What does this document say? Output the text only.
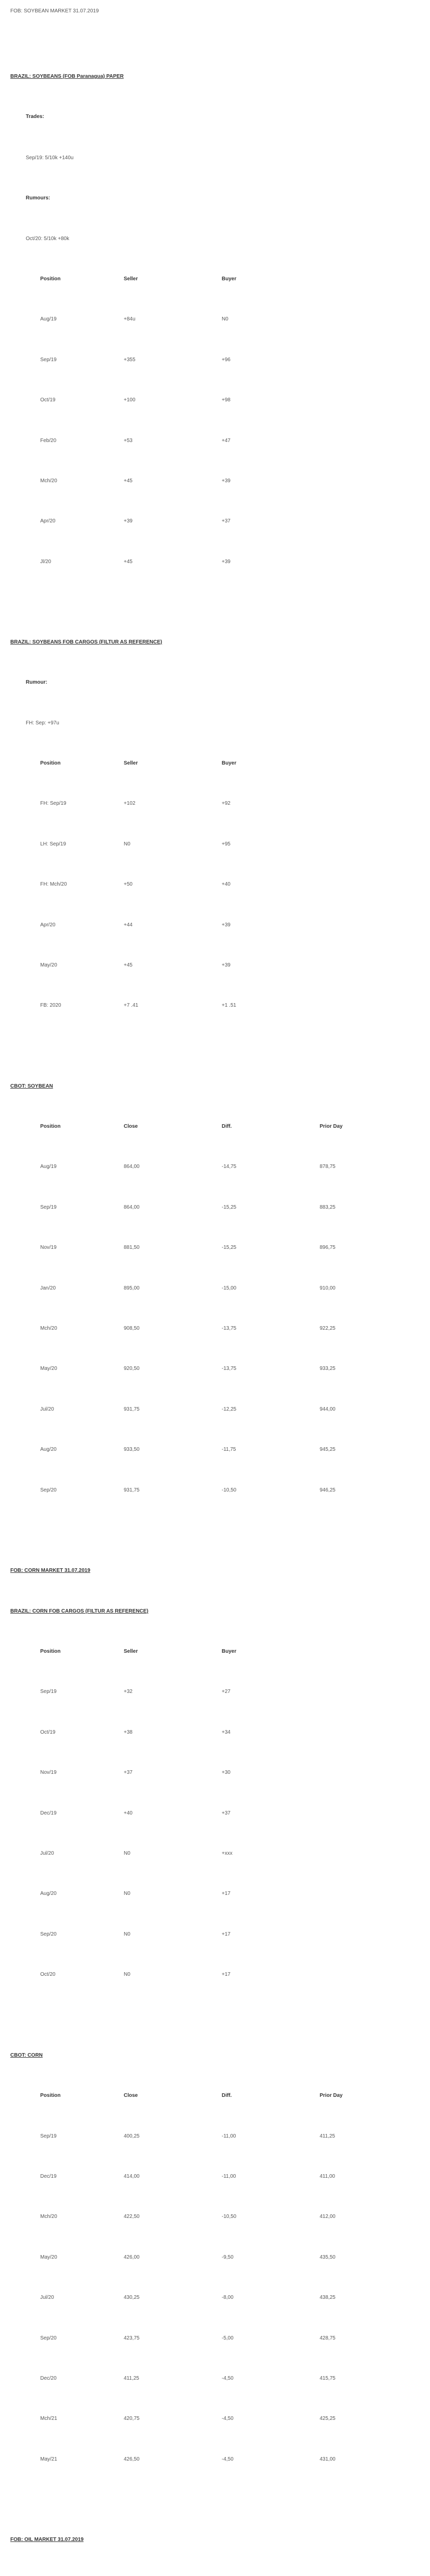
FOB: SOYBEAN MARKET 31.07.2019
BRAZIL: SOYBEANS (FOB Paranagua) PAPER
Trades:
Sep/19: 5/10k +140u
Rumours:
Oct/20: 5/10k +80k
Position	Seller	Buyer
Aug/19	+84u	N0
Sep/19	+355	+96
Oct/19	+100	+98
Feb/20	+53	+47
Mch/20	+45	+39
Apr/20	+39	+37
Jl/20	+45	+39
BRAZIL: SOYBEANS FOB CARGOS (FILTUR AS REFERENCE)
Rumour:
FH: Sep: +97u
Position	Seller	Buyer
FH: Sep/19	+102	+92
LH: Sep/19	N0	+95
FH: Mch/20	+50	+40
Apr/20	+44	+39
May/20	+45	+39
FB: 2020	+7 .41	+1 .51
CBOT: SOYBEAN
Position	Close	Diff.	Prior Day
Aug/19	864,00	-14,75	878,75
Sep/19	864,00	-15,25	883,25
Nov/19	881,50	-15,25	896,75
Jan/20	895,00	-15,00	910,00
Mch/20	908,50	-13,75	922,25
May/20	920,50	-13,75	933,25
Jul/20	931,75	-12,25	944,00
Aug/20	933,50	-11,75	945,25
Sep/20	931,75	-10,50	946,25
FOB: CORN MARKET 31.07.2019
BRAZIL: CORN FOB CARGOS (FILTUR AS REFERENCE)
Position	Seller	Buyer
Sep/19	+32	+27
Oct/19	+38	+34
Nov/19	+37	+30
Dec/19	+40	+37
Jul/20	N0	+xxx
Aug/20	N0	+17
Sep/20	N0	+17
Oct/20	N0	+17
CBOT: CORN
Position	Close	Diff.	Prior Day
Sep/19	400,25	-11,00	411,25
Dec/19	414,00	-11,00	411,00
Mch/20	422,50	-10,50	412,00
May/20	426,00	-9,50	435,50
Jul/20	430,25	-8,00	438,25
Sep/20	423,75	-5,00	428,75
Dec/20	411,25	-4,50	415,75
Mch/21	420,75	-4,50	425,25
May/21	426,50	-4,50	431,00
FOB: OIL MARKET 31.07.2019
